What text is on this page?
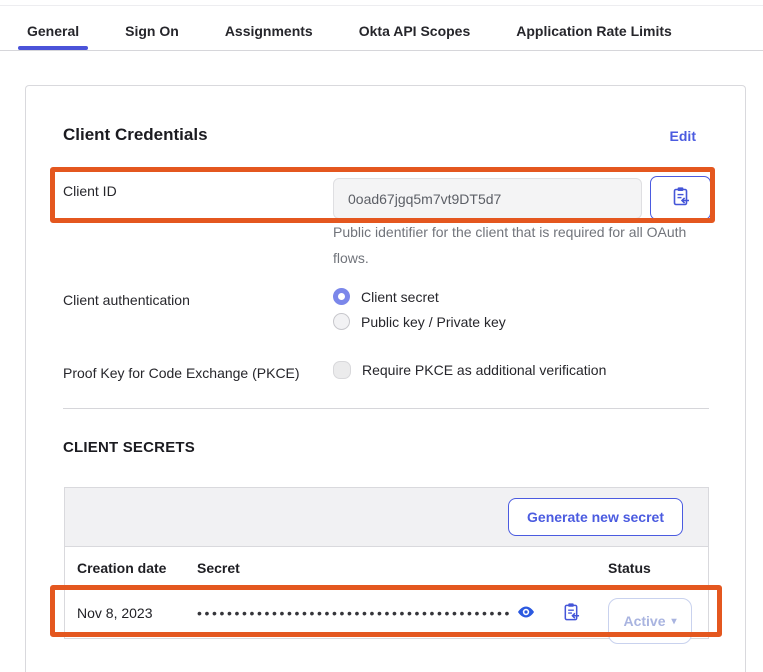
General	Sign On	Assignments	Okta API Scopes	Application Rate Limits
Client Credentials	Edit
Client ID
0oad67jgq5m7vt9DT5d7
Public identifier for the client that is required for all OAuth flows.
Client authentication	Client secret
Public key / Private key
Proof Key for Code Exchange (PKCE)	Require PKCE as additional verification
CLIENT SECRETS
Generate new secret
Creation date	Secret	Status
Nov 8, 2023	••••••••••••••••••••••••••••••••••••••••••	Active ▾
